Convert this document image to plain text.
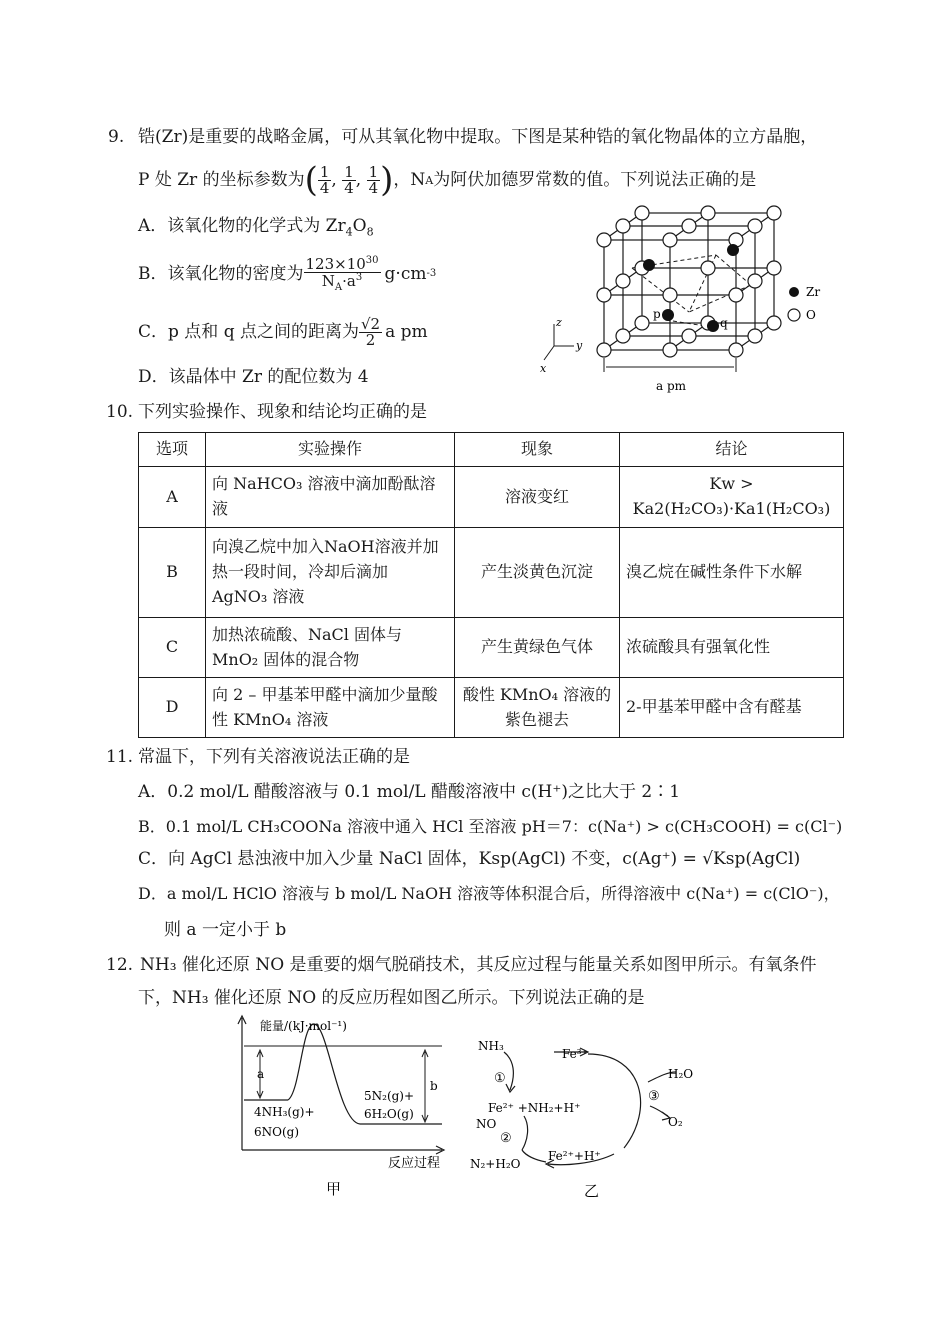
9. 锆(Zr)是重要的战略金属，可从其氧化物中提取。下图是某种锆的氧化物晶体的立方晶胞，
P 处 Zr 的坐标参数为 ( $\frac{1}{4}$ , $\frac{1}{4}$ , $\frac{1}{4}$ ) ，N A 为阿伏加德罗常数的值。下列说法正确的是
A．该氧化物的化学式为 $Zr_4O_8$
B．该氧化物的密度为 $\frac{123\times 10^{30}}{N_A\cdot a^3} g\cdot cm$ -3
C．p 点和 q 点之间的距离为 $\frac{√2}{2}$ a pm
D．该晶体中 Zr 的配位数为 4
p
q
Zr
O
z
y
x
a pm
10. 下列实验操作、现象和结论均正确的是
选项	实验操作	现象	结论
A	向 NaHCO₃ 溶液中滴加酚酞溶液	溶液变红	Kw > Ka2(H₂CO₃)·Ka1(H₂CO₃)
B	向溴乙烷中加入NaOH溶液并加热一段时间，冷却后滴加 AgNO₃ 溶液	产生淡黄色沉淀	溴乙烷在碱性条件下水解
C	加热浓硫酸、NaCl 固体与 MnO₂ 固体的混合物	产生黄绿色气体	浓硫酸具有强氧化性
D	向 2 – 甲基苯甲醛中滴加少量酸性 KMnO₄ 溶液	酸性 KMnO₄ 溶液的紫色褪去	2-甲基苯甲醛中含有醛基
11. 常温下，下列有关溶液说法正确的是
A．0.2 mol/L 醋酸溶液与 0.1 mol/L 醋酸溶液中 c(H⁺)之比大于 2∶1
B．0.1 mol/L CH₃COONa 溶液中通入 HCl 至溶液 pH＝7：c(Na⁺) > c(CH₃COOH) = c(Cl⁻)
C．向 AgCl 悬浊液中加入少量 NaCl 固体，Ksp(AgCl) 不变，c(Ag⁺) = √Ksp(AgCl)
D．a mol/L HClO 溶液与 b mol/L NaOH 溶液等体积混合后，所得溶液中 c(Na⁺) = c(ClO⁻)，
则 a 一定小于 b
12. NH₃ 催化还原 NO 是重要的烟气脱硝技术，其反应过程与能量关系如图甲所示。有氧条件
下，NH₃ 催化还原 NO 的反应历程如图乙所示。下列说法正确的是
能量/(kJ·mol⁻¹)
a
b
4NH₃(g)+
6NO(g)
5N₂(g)+
6H₂O(g)
反应过程
甲
NH₃
Fe³⁺
①
Fe²⁺ +NH₂+H⁺
NO
②
N₂+H₂O
Fe²⁺+H⁺
H₂O
③
O₂
乙
